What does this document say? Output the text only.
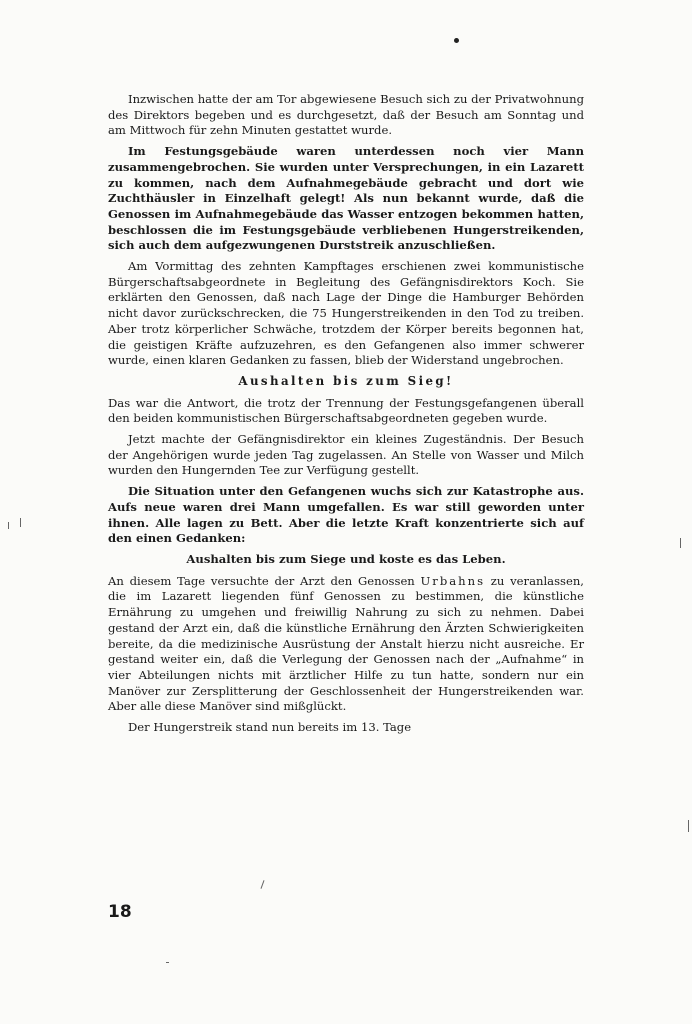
Inzwischen hatte der am Tor abgewiesene Besuch sich zu der Privatwohnung des Direktors begeben und es durchgesetzt, daß der Besuch am Sonntag und am Mittwoch für zehn Minuten gestattet wurde.

Im Festungsgebäude waren unterdessen noch vier Mann zusammengebrochen. Sie wurden unter Versprechungen, in ein Lazarett zu kommen, nach dem Aufnahmegebäude gebracht und dort wie Zuchthäusler in Einzelhaft gelegt! Als nun bekannt wurde, daß die Genossen im Aufnahmegebäude das Wasser entzogen bekommen hatten, beschlossen die im Festungsgebäude verbliebenen Hungerstreikenden, sich auch dem aufgezwungenen Durststreik anzuschließen.

Am Vormittag des zehnten Kampftages erschienen zwei kommunistische Bürgerschaftsabgeordnete in Begleitung des Gefängnisdirektors Koch. Sie erklärten den Genossen, daß nach Lage der Dinge die Hamburger Behörden nicht davor zurückschrecken, die 75 Hungerstreikenden in den Tod zu treiben. Aber trotz körperlicher Schwäche, trotzdem der Körper bereits begonnen hat, die geistigen Kräfte aufzuzehren, es den Gefangenen also immer schwerer wurde, einen klaren Gedanken zu fassen, blieb der Widerstand ungebrochen.

Aushalten bis zum Sieg!

Das war die Antwort, die trotz der Trennung der Festungsgefangenen überall den beiden kommunistischen Bürgerschaftsabgeordneten gegeben wurde.

Jetzt machte der Gefängnisdirektor ein kleines Zugeständnis. Der Besuch der Angehörigen wurde jeden Tag zugelassen. An Stelle von Wasser und Milch wurden den Hungernden Tee zur Verfügung gestellt.

Die Situation unter den Gefangenen wuchs sich zur Katastrophe aus. Aufs neue waren drei Mann umgefallen. Es war still geworden unter ihnen. Alle lagen zu Bett. Aber die letzte Kraft konzentrierte sich auf den einen Gedanken:

Aushalten bis zum Siege und koste es das Leben.

An diesem Tage versuchte der Arzt den Genossen Urbahns zu veranlassen, die im Lazarett liegenden fünf Genossen zu bestimmen, die künstliche Ernährung zu umgehen und freiwillig Nahrung zu sich zu nehmen. Dabei gestand der Arzt ein, daß die künstliche Ernährung den Ärzten Schwierigkeiten bereite, da die medizinische Ausrüstung der Anstalt hierzu nicht ausreiche. Er gestand weiter ein, daß die Verlegung der Genossen nach der „Aufnahme“ in vier Abteilungen nichts mit ärztlicher Hilfe zu tun hatte, sondern nur ein Manöver zur Zersplitterung der Geschlossenheit der Hungerstreikenden war. Aber alle diese Manöver sind mißglückt.

Der Hungerstreik stand nun bereits im 13. Tage

18
